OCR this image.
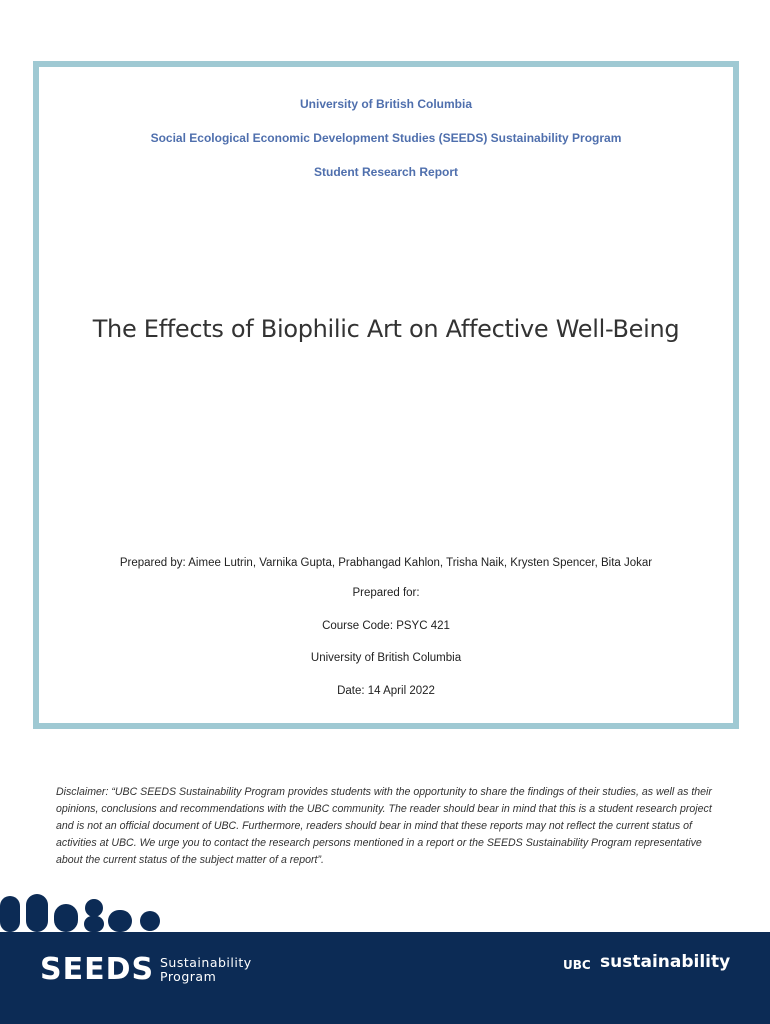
University of British Columbia
Social Ecological Economic Development Studies (SEEDS) Sustainability Program
Student Research Report
The Effects of Biophilic Art on Affective Well-Being
Prepared by: Aimee Lutrin, Varnika Gupta, Prabhangad Kahlon, Trisha Naik, Krysten Spencer, Bita Jokar
Prepared for:
Course Code: PSYC 421
University of British Columbia
Date: 14 April 2022
Disclaimer: “UBC SEEDS Sustainability Program provides students with the opportunity to share the findings of their studies, as well as their opinions, conclusions and recommendations with the UBC community. The reader should bear in mind that this is a student research project and is not an official document of UBC. Furthermore, readers should bear in mind that these reports may not reflect the current status of activities at UBC. We urge you to contact the research persons mentioned in a report or the SEEDS Sustainability Program representative about the current status of the subject matter of a report”.
SEEDS Sustainability
Program
UBC sustainability
